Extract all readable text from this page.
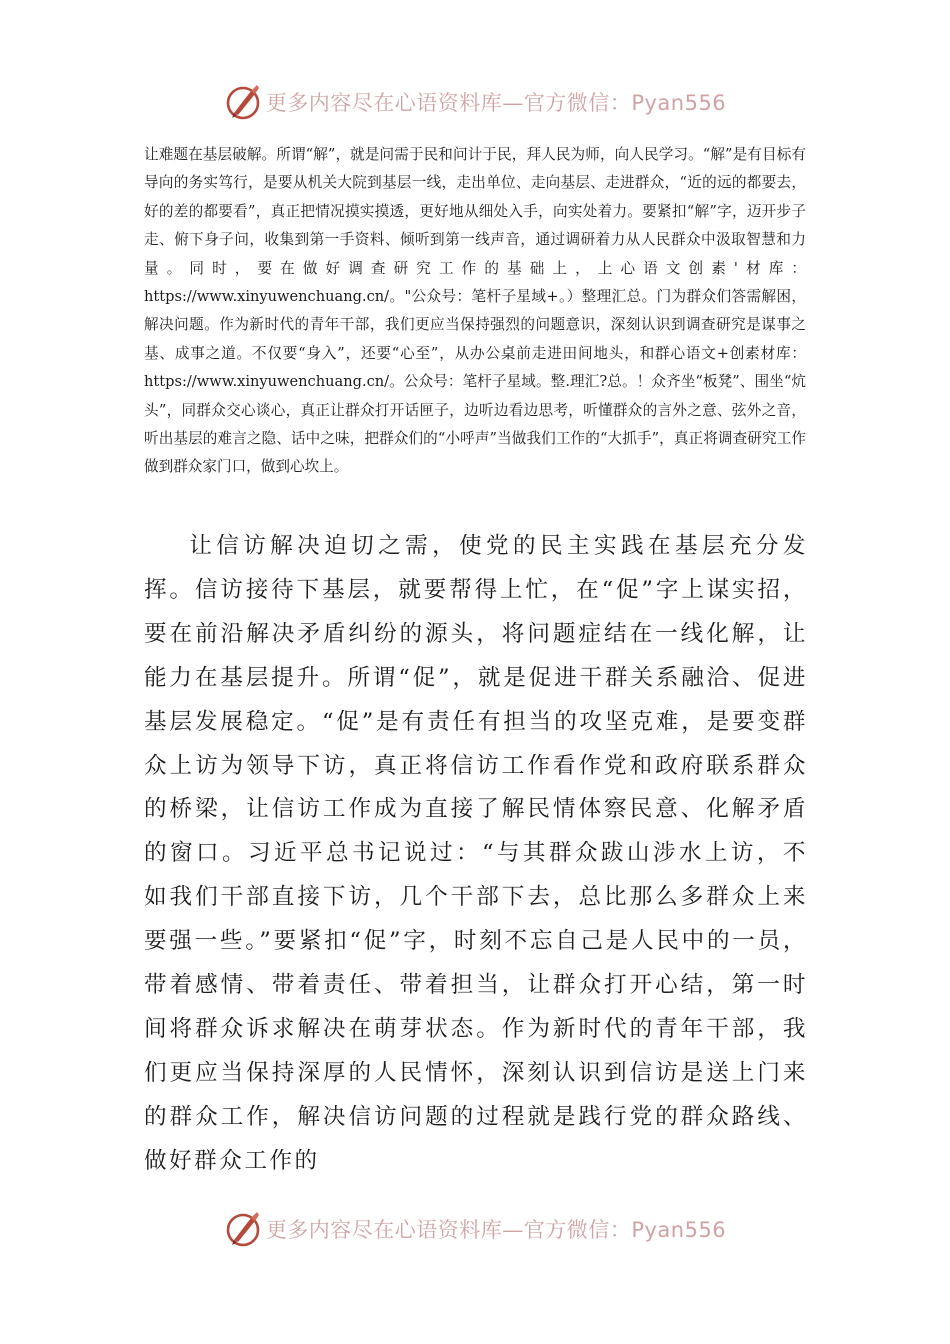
更多内容尽在心语资料库—官方微信：Pyan556

让难题在基层破解。所谓“解”，就是问需于民和问计于民，拜人民为师，向人民学习。“解”是有目标有导向的务实笃行，是要从机关大院到基层一线，走出单位、走向基层、走进群众，“近的远的都要去，好的差的都要看”，真正把情况摸实摸透，更好地从细处入手，向实处着力。要紧扣“解”字，迈开步子走、俯下身子问，收集到第一手资料、倾听到第一线声音，通过调研着力从人民群众中汲取智慧和力量。同时，要在做好调查研究工作的基础上，上心语文创素'材库：https://www.xinyuwenchuang.cn/。"公众号：笔杆子星域+。）整理汇总。门为群众们答需解困，解决问题。作为新时代的青年干部，我们更应当保持强烈的问题意识，深刻认识到调查研究是谋事之基、成事之道。不仅要“身入”，还要“心至”，从办公桌前走进田间地头，和群心语文+创素材库：https://www.xinyuwenchuang.cn/。公众号：笔杆子星域。整.理汇?总。！众齐坐“板凳”、围坐“炕头”，同群众交心谈心，真正让群众打开话匣子，边听边看边思考，听懂群众的言外之意、弦外之音，听出基层的难言之隐、话中之味，把群众们的“小呼声”当做我们工作的“大抓手”，真正将调查研究工作做到群众家门口，做到心坎上。

让信访解决迫切之需，使党的民主实践在基层充分发挥。信访接待下基层，就要帮得上忙，在“促”字上谋实招，要在前沿解决矛盾纠纷的源头，将问题症结在一线化解，让能力在基层提升。所谓“促”，就是促进干群关系融洽、促进基层发展稳定。“促”是有责任有担当的攻坚克难，是要变群众上访为领导下访，真正将信访工作看作党和政府联系群众的桥梁，让信访工作成为直接了解民情体察民意、化解矛盾的窗口。习近平总书记说过：“与其群众跋山涉水上访，不如我们干部直接下访，几个干部下去，总比那么多群众上来要强一些。”要紧扣“促”字，时刻不忘自己是人民中的一员，带着感情、带着责任、带着担当，让群众打开心结，第一时间将群众诉求解决在萌芽状态。作为新时代的青年干部，我们更应当保持深厚的人民情怀，深刻认识到信访是送上门来的群众工作，解决信访问题的过程就是践行党的群众路线、做好群众工作的

更多内容尽在心语资料库—官方微信：Pyan556
